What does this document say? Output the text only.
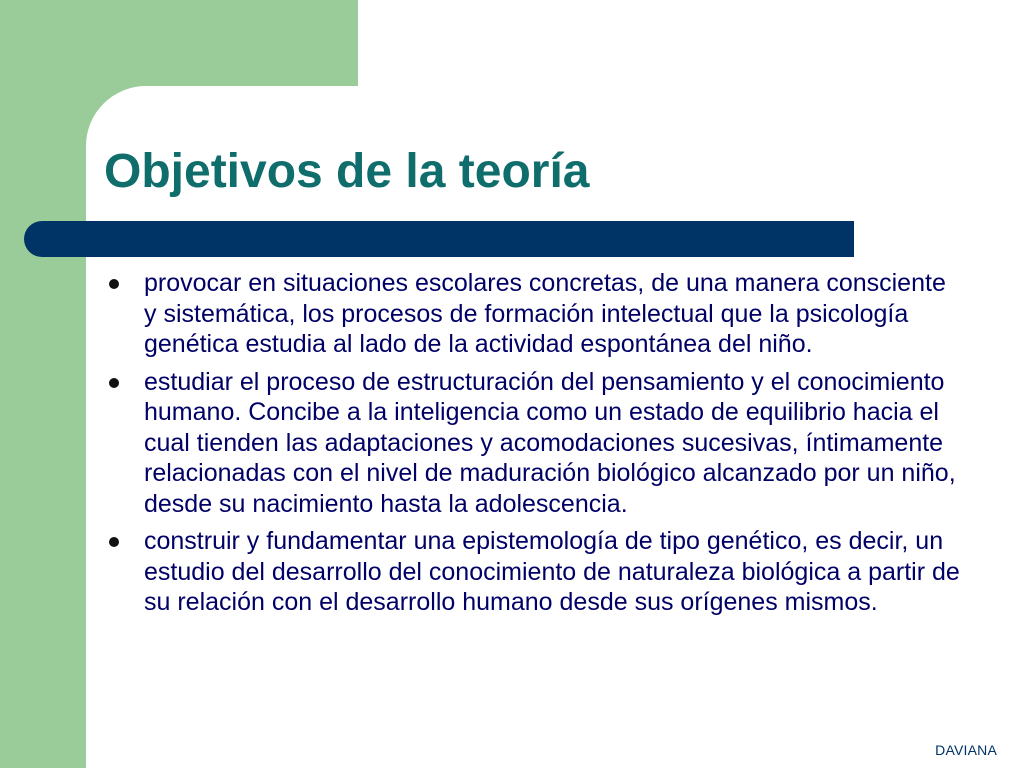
Objetivos de la teoría
provocar en situaciones escolares concretas, de una manera consciente y sistemática, los procesos de formación intelectual que la psicología genética estudia al lado de la actividad espontánea del niño.
estudiar el proceso de estructuración del pensamiento y el conocimiento humano. Concibe a la inteligencia como un estado de equilibrio hacia el cual tienden las adaptaciones y acomodaciones sucesivas, íntimamente relacionadas con el nivel de maduración biológico alcanzado por un niño, desde su nacimiento hasta la adolescencia.
construir y fundamentar una epistemología de tipo genético, es decir, un estudio del desarrollo del conocimiento de naturaleza biológica a partir de su relación con el desarrollo humano desde sus orígenes mismos.
DAVIANA
